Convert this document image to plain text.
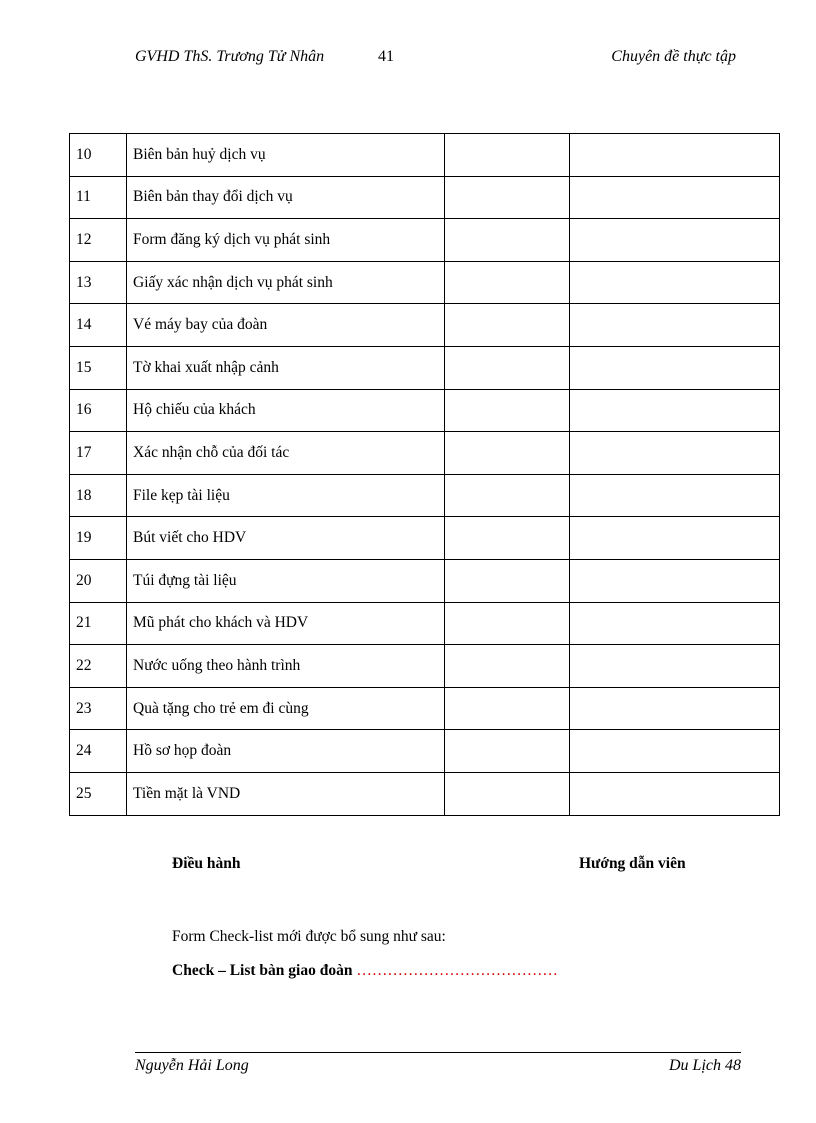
GVHD ThS. Trương Tử Nhân	41	Chuyên đề thực tập
10	Biên bản huỷ dịch vụ		
11	Biên bản thay đổi dịch vụ		
12	Form đăng ký dịch vụ phát sinh		
13	Giấy xác nhận dịch vụ phát sinh		
14	Vé máy bay của đoàn		
15	Tờ khai xuất nhập cảnh		
16	Hộ chiếu của khách		
17	Xác nhận chỗ của đối tác		
18	File kẹp tài liệu		
19	Bút viết cho HDV		
20	Túi đựng tài liệu		
21	Mũ phát cho khách và HDV		
22	Nước uống theo hành trình		
23	Quà tặng cho trẻ em đi cùng		
24	Hồ sơ họp đoàn		
25	Tiền mặt là VND		
Điều hành	Hướng dẫn viên
Form Check-list mới được bổ sung như sau:
Check – List bàn giao đoàn …………………………………
Nguyễn Hải Long	Du Lịch 48
